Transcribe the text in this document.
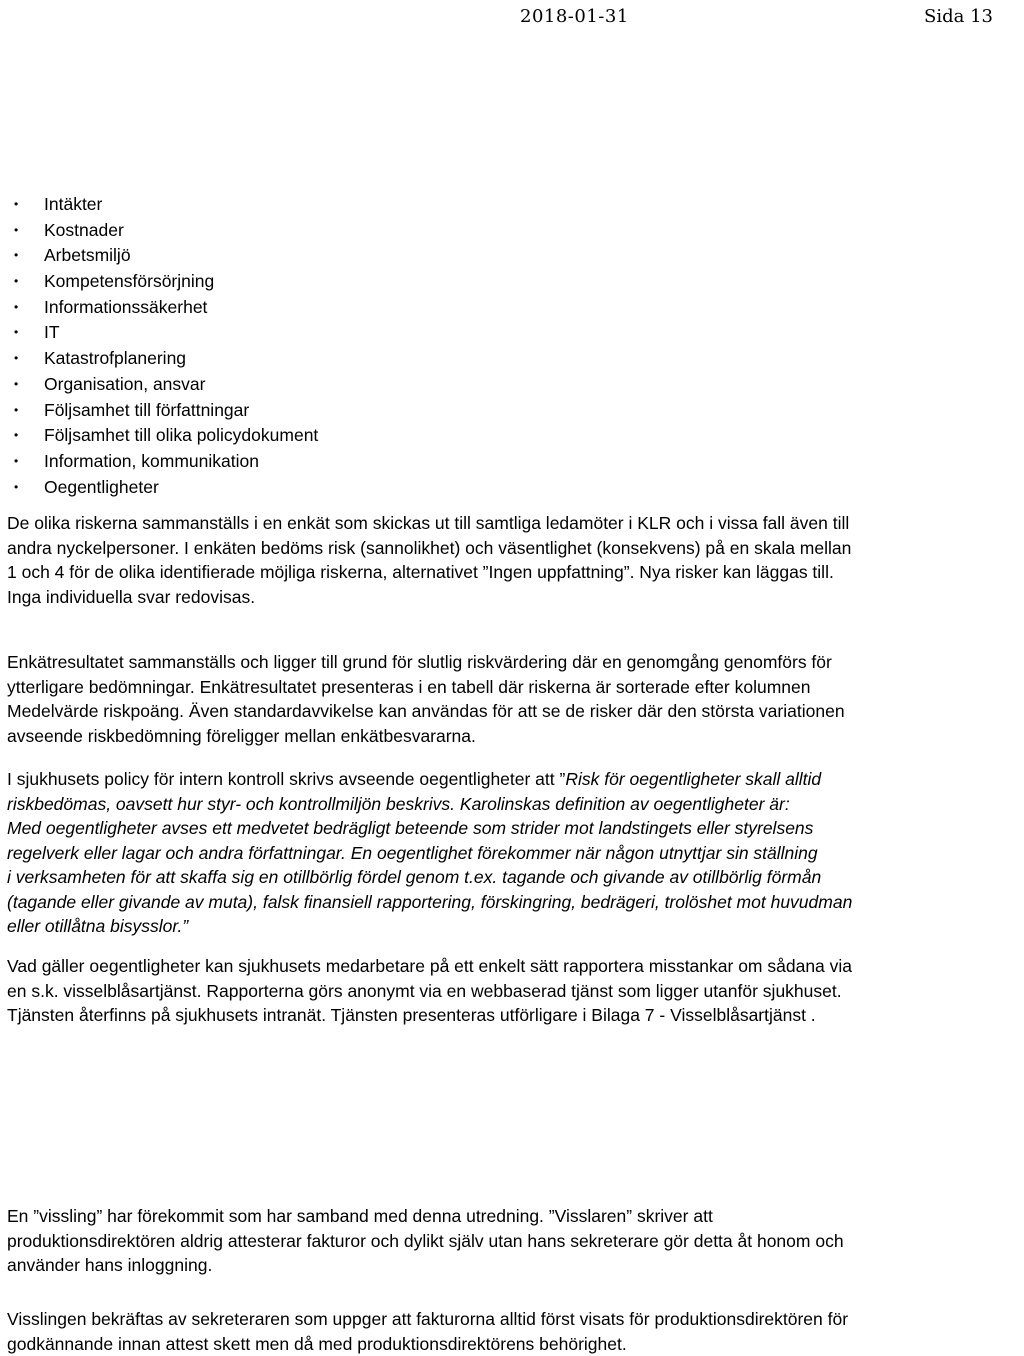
2018-01-31	Sida 13
• Intäkter
• Kostnader
• Arbetsmiljö
• Kompetensförsörjning
• Informationssäkerhet
• IT
• Katastrofplanering
• Organisation, ansvar
• Följsamhet till författningar
• Följsamhet till olika policydokument
• Information, kommunikation
• Oegentligheter

De olika riskerna sammanställs i en enkät som skickas ut till samtliga ledamöter i KLR och i vissa fall även till
andra nyckelpersoner. I enkäten bedöms risk (sannolikhet) och väsentlighet (konsekvens) på en skala mellan
1 och 4 för de olika identifierade möjliga riskerna, alternativet ”Ingen uppfattning”. Nya risker kan läggas till.
Inga individuella svar redovisas.

Enkätresultatet sammanställs och ligger till grund för slutlig riskvärdering där en genomgång genomförs för
ytterligare bedömningar. Enkätresultatet presenteras i en tabell där riskerna är sorterade efter kolumnen
Medelvärde riskpoäng. Även standardavvikelse kan användas för att se de risker där den största variationen
avseende riskbedömning föreligger mellan enkätbesvararna.

I sjukhusets policy för intern kontroll skrivs avseende oegentligheter att ”Risk för oegentligheter skall alltid
riskbedömas, oavsett hur styr- och kontrollmiljön beskrivs. Karolinskas definition av oegentligheter är:
Med oegentligheter avses ett medvetet bedrägligt beteende som strider mot landstingets eller styrelsens
regelverk eller lagar och andra författningar. En oegentlighet förekommer när någon utnyttjar sin ställning
i verksamheten för att skaffa sig en otillbörlig fördel genom t.ex. tagande och givande av otillbörlig förmån
(tagande eller givande av muta), falsk finansiell rapportering, förskingring, bedrägeri, trolöshet mot huvudman
eller otillåtna bisysslor.”

Vad gäller oegentligheter kan sjukhusets medarbetare på ett enkelt sätt rapportera misstankar om sådana via
en s.k. visselblåsartjänst. Rapporterna görs anonymt via en webbaserad tjänst som ligger utanför sjukhuset.
Tjänsten återfinns på sjukhusets intranät. Tjänsten presenteras utförligare i Bilaga 7 - Visselblåsartjänst .

En ”vissling” har förekommit som har samband med denna utredning. ”Visslaren” skriver att
produktionsdirektören aldrig attesterar fakturor och dylikt själv utan hans sekreterare gör detta åt honom och
använder hans inloggning.

Visslingen bekräftas av sekreteraren som uppger att fakturorna alltid först visats för produktionsdirektören för
godkännande innan attest skett men då med produktionsdirektörens behörighet.
